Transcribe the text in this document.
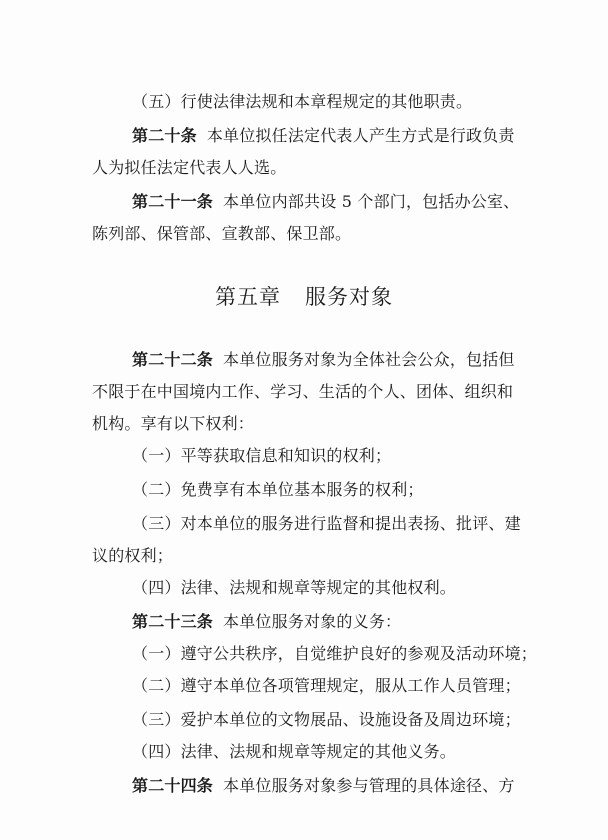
（五）行使法律法规和本章程规定的其他职责。
第二十条 本单位拟任法定代表人产生方式是行政负责
人为拟任法定代表人人选。
第二十一条 本单位内部共设 5 个部门，包括办公室、
陈列部、保管部、宣教部、保卫部。
第五章 服务对象
第二十二条 本单位服务对象为全体社会公众，包括但
不限于在中国境内工作、学习、生活的个人、团体、组织和
机构。享有以下权利：
（一）平等获取信息和知识的权利；
（二）免费享有本单位基本服务的权利；
（三）对本单位的服务进行监督和提出表扬、批评、建
议的权利；
（四）法律、法规和规章等规定的其他权利。
第二十三条 本单位服务对象的义务：
（一）遵守公共秩序，自觉维护良好的参观及活动环境；
（二）遵守本单位各项管理规定，服从工作人员管理；
（三）爱护本单位的文物展品、设施设备及周边环境；
（四）法律、法规和规章等规定的其他义务。
第二十四条 本单位服务对象参与管理的具体途径、方
